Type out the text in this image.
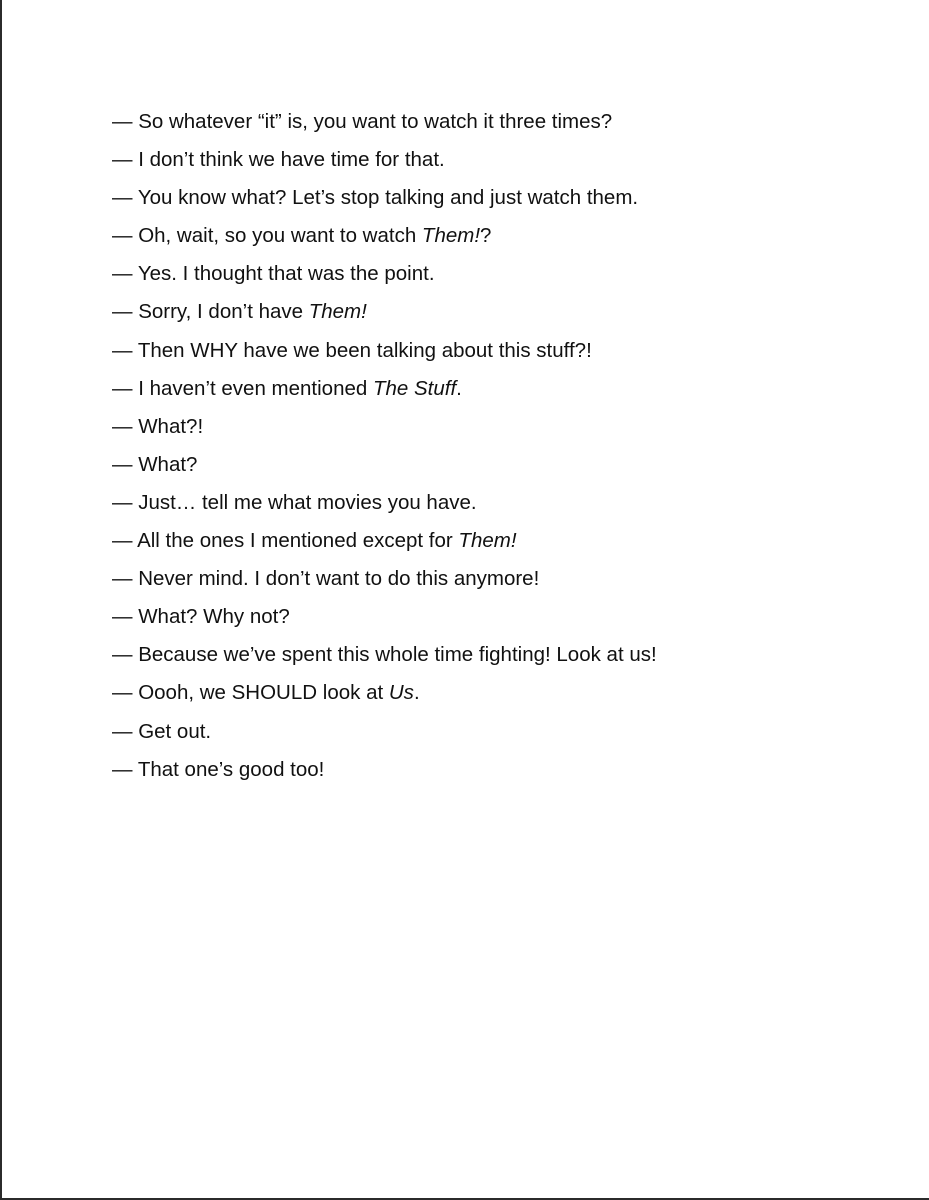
— So whatever “it” is, you want to watch it three times?
— I don’t think we have time for that.
— You know what? Let’s stop talking and just watch them.
— Oh, wait, so you want to watch Them!?
— Yes. I thought that was the point.
— Sorry, I don’t have Them!
— Then WHY have we been talking about this stuff?!
— I haven’t even mentioned The Stuff.
— What?!
— What?
— Just… tell me what movies you have.
— All the ones I mentioned except for Them!
— Never mind. I don’t want to do this anymore!
— What? Why not?
— Because we’ve spent this whole time fighting! Look at us!
— Oooh, we SHOULD look at Us.
— Get out.
— That one’s good too!
